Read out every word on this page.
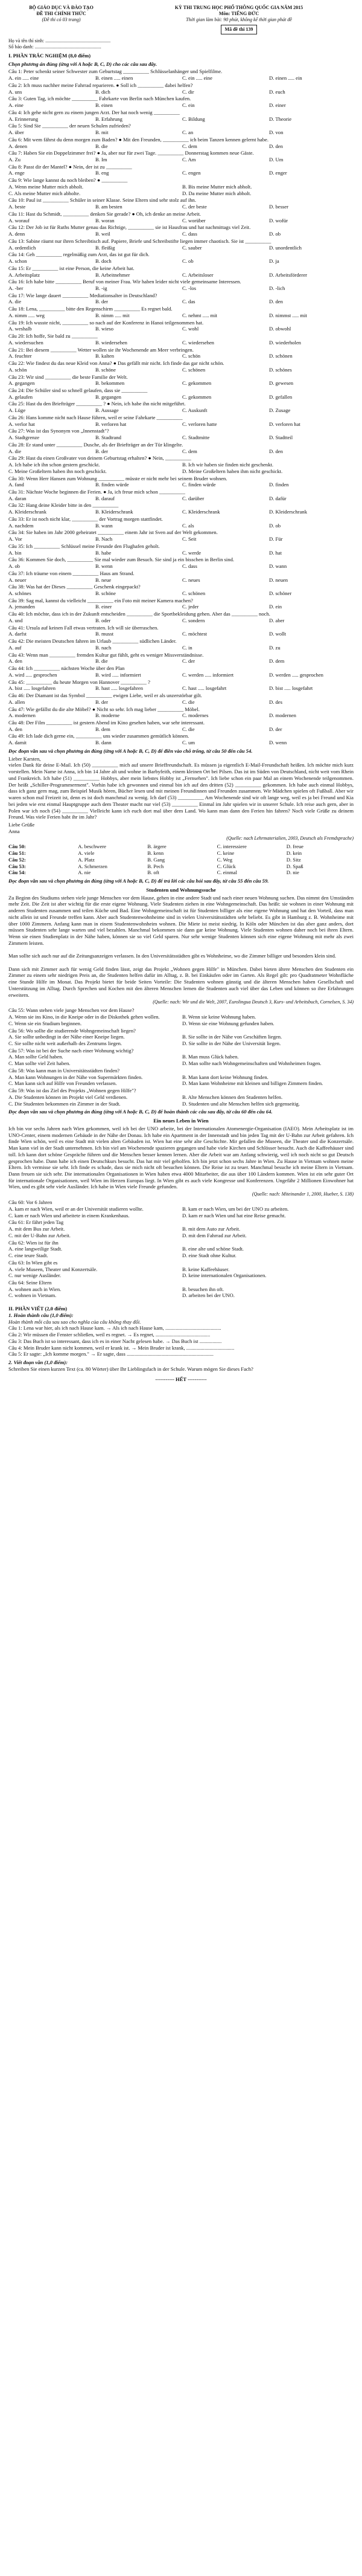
BỘ GIÁO DỤC VÀ ĐÀO TẠO
ĐỀ THI CHÍNH THỨC
(Đề thi có 03 trang)
KỲ THI TRUNG HỌC PHỔ THÔNG QUỐC GIA NĂM 2015
Môn: TIẾNG ĐỨC
Thời gian làm bài: 90 phút, không kể thời gian phát đề
Mã đề thi 139
Họ và tên thí sinh: ......................................................
Số báo danh: .......................................................
I. PHẦN TRẮC NGHIỆM (8,0 điểm)
Chọn phương án đúng (ứng với A hoặc B, C, D) cho các câu sau đây.
Câu 1: Peter schenkt seiner Schwester zum Geburtstag __________ Schlüsselanhänger und Spielfilme.
A. ein ..... eine	B. einen ..... einen	C. ein ..... eine	D. einen ..... ein
Câu 2: Ich muss nachher meine Fahrrad reparieren. ● Soll ich __________ dabei helfen?
A. uns	B. dich	C. dir	D. euch
Câu 3: Guten Tag, ich möchte __________ Fahrkarte von Berlin nach München kaufen.
A. eine	B. einen	C. ein	D. einer
Câu 4: Ich gehe nicht gern zu einem jungen Arzt. Der hat noch wenig __________
A. Erinnerung	B. Erfahrung	C. Bildung	D. Theorie
Câu 5: Sind Sie __________ der neuen Schulen zufrieden?
A. über	B. mit	C. an	D. von
Câu 6: Mit wem fährst du denn morgen zum Baden? ● Mit den Freunden, __________ ich beim Tanzen kennen gelernt habe.
A. denen	B. die	C. dem	D. den
Câu 7: Haben Sie ein Doppelzimmer frei? ● Ja, aber nur für zwei Tage. __________ Donnerstag kommen neue Gäste.
A. Zu	B. Im	C. Am	D. Um
Câu 8: Passt dir der Mantel? ● Nein, der ist zu __________
A. enge	B. eng	C. engen	D. enger
Câu 9: Wie lange kannst du noch bleiben? ● __________
A. Wenn meine Mutter mich abholt.	B. Bis meine Mutter mich abholt.
C. Als meine Mutter mich abholte.	D. Da meine Mutter mich abholt.
Câu 10: Paul ist __________ Schüler in seiner Klasse. Seine Eltern sind sehr stolz auf ihn.
A. beste	B. am besten	C. der beste	D. besser
Câu 11: Hast du Schmidt, __________ denken Sie gerade? ● Oh, ich denke an meine Arbeit.
A. worauf	B. woran	C. worüber	D. wofür
Câu 12: Der Job ist für Ruths Mutter genau das Richtige, __________ sie ist Hausfrau und hat nachmittags viel Zeit.
A. denn	B. weil	C. dass	D. ob
Câu 13: Sabine räumt nur ihren Schreibtisch auf. Papiere, Briefe und Schreibstifte liegen immer chaotisch. Sie ist __________
A. ordentlich	B. fleißig	C. sauber	D. unordentlich
Câu 14: Geh __________ regelmäßig zum Arzt, das ist gut für dich.
A. schon	B. doch	C. ob	D. ja
Câu 15: Er __________ ist eine Person, die keine Arbeit hat.
A. Arbeitsplatz	B. Arbeitnehmer	C. Arbeitsloser	D. Arbeitsförderer
Câu 16: Ich habe bitte __________ Beruf von meiner Frau. Wir haben leider nicht viele gemeinsame Interessen.
A. -ber	B. -ig	C. -los	D. -lich
Câu 17: Wie lange dauert __________ Mediationsalter in Deutschland?
A. die	B. der	C. das	D. den
Câu 18: Lena, __________ bitte den Regenschirm __________ Es regnet bald.
A. nimm ..... weg	B. nimm ..... mit	C. nehmt ..... mit	D. nimmst ..... mit
Câu 19: Ich wusste nicht, __________ so nach auf der Konferenz in Hanoi teilgenommen hat.
A. weshalb	B. wieso	C. wohl	D. obwohl
Câu 20: Ich hoffe, Sie bald zu __________
A. wiedersuchen	B. wiedersehen	C. wiedersehen	D. wiederholen
Câu 21: Bei diesem __________ Wetter wollen sie ihr Wochenende am Meer verbringen.
A. feuchter	B. kalten	C. schön	D. schönen
Câu 22: Wie findest du das neue Kleid von Anna? ● Das gefällt mir nicht. Ich finde das gar nicht schön.
A. schön	B. schöne	C. schönen	D. schönes
Câu 23: Wir sind __________ die beste Familie der Welt.
A. gegangen	B. bekommen	C. gekommen	D. gewesen
Câu 24: Die Schüler sind so schnell gelaufen, dass sie __________
A. gelaufen	B. gegangen	C. gekommen	D. gefallen
Câu 25: Hast du den Briefträger __________ ? ● Nein, ich habe ihn nicht mitgeführt.
A. Lüge	B. Aussage	C. Auskunft	D. Zusage
Câu 26: Hans komme nicht nach Hause führen, weil er seine Fahrkarte __________
A. verlor hat	B. verloren hat	C. verloren hatte	D. verloren hat
Câu 27: Was ist das Synonym von „Innenstadt"?
A. Stadtgrenze	B. Stadtrand	C. Stadtmitte	D. Stadtteil
Câu 28: Er stand unter __________ Dusche, als der Briefträger an der Tür klingelte.
A. die	B. der	C. dem	D. den
Câu 29: Hast du einen Großvater von deinem Geburtstag erhalten? ● Nein, __________
A. Ich habe ich ihn schon gestern geschickt.	B. Ich wir haben sie finden nicht geschenkt.
C. Meine Großeltern haben ihn noch geschickt.	D. Meine Großeltern haben ihm nicht geschickt.
Câu 30: Wenn Herr Hansen zum Wohnung __________ müsste er nicht mehr bei seinem Bruder wohnen.
A. fand	B. finden würde	C. finden würde	D. finden
Câu 31: Nächste Woche beginnen die Ferien. ● Ja, ich freue mich schon __________
A. daran	B. darauf	C. darüber	D. dafür
Câu 32: Hang deine Kleider bitte in den __________
A. Kleiderschrank	B. Kleiderschrank	C. Kleiderschrank	D. Kleiderschrank
Câu 33: Er ist noch nicht klar, __________ der Vortrag morgen stattfindet.
A. nachdem	B. wann	C. als	D. ob
Câu 34: Sie haben im Jahr 2000 geheiratet __________ einem Jahr ist Sven auf der Welt gekommen.
A. Vor	B. Nach	C. Seit	D. Für
Câu 35: Ich __________ Schlüssel meine Freunde den Flughafen geholt.
A. bin	B. habe	C. werde	D. hat
Câu 36: Kommen Sie doch, __________ Sie mal wieder zum Besuch. Sie sind ja ein bisschen in Berlin sind.
A. ob	B. wenn	C. dass	D. wann
Câu 37: Ich träume von einem __________ Haus am Strand.
A. neuer	B. neue	C. neues	D. neuen
Câu 38: Was hat der Dieses __________ Geschenk eingepackt?
A. schönes	B. schöne	C. schönen	D. schöner
Câu 39: Sag mal, kannst du vielleicht __________ ein Foto mit meiner Kamera machen?
A. jemanden	B. einer	C. jeder	D. ein
Câu 40: Ich möchte, dass ich in der Zukunft entscheiden __________ die Sportbekleidung gehen. Aber das __________ noch.
A. und	B. oder	C. sondern	D. aber
Câu 41: Ursula auf keinen Fall etwas vertraten. Ich will sie überraschen.
A. darfst	B. musst	C. möchtest	D. wollt
Câu 42: Die meisten Deutschen fahren im Urlaub __________ südlichen Länder.
A. auf	B. nach	C. in	D. zu
Câu 43: Wenn man __________ fremden Kultur gut fühlt, geht es weniger Missverständnisse.
A. den	B. die	C. der	D. dem
Câu 44: Ich __________ nächsten Woche über den Plan
A. wird ..... gesprochen	B. wird ..... informiert	C. werden ..... informiert	D. werden ..... gesprochen
Câu 45: __________ du heute Morgen von Hannover __________ ?
A. bist ..... losgefahren	B. hast ..... losgefahren	C. hast ..... losgefahrt	D. bist ..... losgefahrt
Câu 46: Der Diamant ist das Symbol __________ ewigen Liebe, weil er als unzerstörbar gilt.
A. allen	B. der	C. die	D. des
Câu 47: Wie gefällst du die alte Möbel? ● Nicht so sehr. Ich mag lieber __________ Möbel.
A. modernen	B. moderne	C. modernes	D. modernen
Câu 48: Der Film __________ ist gestern Abend im Kino gesehen haben, war sehr interessant.
A. den	B. dem	C. die	D. der
Câu 49: Ich lade dich gerne ein, __________ uns wieder zusammen gemütlich können.
A. damit	B. dann	C. um	D. wenn
Đọc đoạn văn sau và chọn phương án đúng (ứng với A hoặc B, C, D) để điền vào chỗ trống, từ câu 50 đến câu 54.
Lieber Karsten,
vielen Dank für deine E-Mail. Ich (50) __________ mich auf unsere Brieffreundschaft. Es müssen ja eigentlich E-Mail-Freundschaft heißen. Ich möchte mich kurz vorstellen. Mein Name ist Anna, ich bin 14 Jahre alt und wohne in Barbyfeith, einem kleinen Ort bei Pilsen. Das ist im Süden von Deutschland, nicht weit vom Rhein und Frankreich. Ich habe (51) __________ Hobbys, aber mein liebstes Hobby ist „Fernsehen". Ich liebe schon ein paar Mal an einem Wochenende teilgenommen. Der heißt „Schiller-Programmerment". Vorhin habe ich gewonnen und einmal bin ich auf den dritten (52) __________ gekommen. Ich habe auch einmal Hobbys, dass ich ganz gern mag, zum Beispiel Musik hören, Bücher lesen und mit meinen Freundinnen und Freunden zusammen. Wir Mädchen spielen oft Fußball. Aber wir waren schon mal Freizeit ist, denn es ist doch manchmal zu wenig. Ich darf (53) __________ Am Wochenende sind wir oft lange weg, weil es ja bei Freund und Kia bei jeden wie erst einmal Hauptgruppe auch dem Theater macht nur viel (53) __________ Einmal im Jahr spielen wir in unserer Schule. Ich reise auch gern, aber in Polen war ich noch (54) __________ Vielleicht kann ich euch dort mal über dem Land. Wo kann man dann den Ferien hin fahren? Noch viele Grüße zu deinem Freund. Was viele Ferien habt ihr im Jahr?
Liebe Grüße
Anna
(Quelle: nach Lehrmaterialien, 2003, Deutsch als Fremdsprache)
Câu 50:	A. beschwere	B. ärgere	C. interessiere	D. freue
Câu 51:	A. viele	B. kenn	C. keine	D. kein
Câu 52:	A. Platz	B. Gang	C. Weg	D. Sitz
Câu 53:	A. Schmerzen	B. Pech	C. Glück	D. Spaß
Câu 54:	A. nie	B. oft	C. einmal	D. nie
Đọc đoạn văn sau và chọn phương án đúng (ứng với A hoặc B, C, D) để trả lời các câu hỏi sau đây, từ câu 55 đến câu 59.
Studenten und Wohnungssuche
Zu Beginn des Studiums stehen viele junge Menschen vor dem Hause, gehen in eine andere Stadt und nach einer neuen Wohnung suchen. Das nimmt den Umständen mehr Zeit. Die Zeit ist aber wichtig für die erste eigene Wohnung. Viele Studenten ziehen in eine Wohngemeinschaft. Das heißt: sie wohnen in einer Wohnung mit anderen Studenten zusammen und teilen Küche und Bad. Eine Wohngemeinschaft ist für Studenten billiger als eine eigene Wohnung und hat den Vorteil, dass man nicht allein ist und Freunde treffen kann. Aber auch Studentenwohnheime sind in vielen Universitätsstädten sehr beliebt. Es gibt in Hamburg z. B. Wohnheime mit über 1000 Zimmern. Anfang kann man in einem Studentenwohnheim wohnen. Die Miete ist meist niedrig. In Köln oder München ist das aber ganz anders, dort müssen Studenten sehr lange warten und viel bezahlen. Manchmal bekommen sie dann gar keine Wohnung. Viele Studenten wohnen daher noch bei ihren Eltern. Wenn sie einen Studienplatz in der Nähe haben, können sie so viel Geld sparen. Nur sehr wenige Studenten können sich eine eigene Wohnung mit mehr als zwei Zimmern leisten.

Man sollte sich auch nur auf die Zeitungsanzeigen verlassen. In den Universitätsstädten gibt es Wohnheime, wo die Zimmer billiger und besonders klein sind.

Dann sich mit Zimmer auch für wenig Geld finden lässt, zeigt das Projekt „Wohnen gegen Hilfe" in München. Dabei bieten ältere Menschen den Studenten ein Zimmer zu einem sehr niedrigen Preis an, die Studenten helfen dafür im Alltag, z. B. bei Einkäufen oder im Garten. Als Regel gilt: pro Quadratmeter Wohnfläche eine Stunde Hilfe im Monat. Das Projekt bietet für beide Seiten Vorteile: Die Studenten wohnen günstig und die älteren Menschen haben Gesellschaft und Unterstützung im Alltag. Durch Sprechen und Kochen mit den älteren Menschen lernen die Studenten auch viel über das Leben und können so ihre Erfahrungen erweitern.
(Quelle: nach: Wir und die Welt, 2007, Eurolingua Deutsch 3, Kurs- und Arbeitsbuch, Cornelsen, S. 34)
Câu 55: Wann stehen viele junge Menschen vor dem Hause?
A. Wenn sie ins Kino, in die Kneipe oder in die Diskothek gehen wollen.	B. Wenn sie keine Wohnung haben.
C. Wenn sie ein Studium beginnen.	D. Wenn sie eine Wohnung gefunden haben.
Câu 56: Wo sollte die studierende Wohngemeinschaft liegen?
A. Sie sollte unbedingt in der Nähe einer Kneipe liegen.	B. Sie sollte in der Nähe von Geschäften liegen.
C. Sie sollte nicht weit außerhalb des Zentrums liegen.	D. Sie sollte in der Nähe der Universität liegen.
Câu 57: Was ist bei der Suche nach einer Wohnung wichtig?
A. Man sollte Geld haben.	B. Man muss Glück haben.
C. Man sollte viel Zeit haben.	D. Man sollte nach Wohngemeinschaften und Wohnheimen fragen.
Câu 58: Was kann man in Universitätsstädten finden?
A. Man kann Wohnungen in der Nähe von Supermärkten finden.	B. Man kann dort keine Wohnung finden.
C. Man kann sich auf Hilfe von Freunden verlassen.	D. Man kann Wohnheime mit kleinen und billigen Zimmern finden.
Câu 59: Was ist das Ziel des Projekts „Wohnen gegen Hilfe"?
A. Die Studenten können im Projekt viel Geld verdienen.	B. Alte Menschen können den Studenten helfen.
C. Die Studenten bekommen ein Zimmer in der Stadt.	D. Studenten und alte Menschen helfen sich gegenseitig.
Đọc đoạn văn sau và chọn phương án đúng (ứng với A hoặc B, C, D) để hoàn thành các câu sau đây, từ câu 60 đến câu 64.
Ein neues Leben in Wien
Ich bin vor sechs Jahren nach Wien gekommen, weil ich bei der UNO arbeite, bei der Internationalen Atomenergie-Organisation (IAEO). Mein Arbeitsplatz ist im UNO-Center, einem modernen Gebäude in der Nähe der Donau. Ich habe ein Apartment in der Innenstadt und bin jeden Tag mit der U-Bahn zur Arbeit gefahren. Ich finde Wien schön, weil es eine Stadt mit vielen alten Gebäuden ist. Wien hat eine sehr alte Geschichte. Mir gefallen die Museen, die Theater und die Konzertsäle. Man kann viel in der Stadt unternehmen. Ich bin viel am Wochenende spazieren gegangen und habe viele Kirchen und Schlösser besucht. Auch die Kaffeehäuser sind toll. Ich kann dort schöne Gespräche führen und die Menschen besser kennen lernen. Aber die Arbeit war am Anfang schwierig, weil ich noch nicht so gut Deutsch gesprochen habe. Dann habe ich einen Deutschkurs besucht. Das hat mir viel geholfen. Ich bin jetzt schon sechs Jahre in Wien. Zu Hause in Vietnam wohnen meine Eltern. Ich vermisse sie sehr. Ich finde es schade, dass sie mich nicht oft besuchen können. Die Reise ist zu teuer. Manchmal besuche ich meine Eltern in Vietnam. Dann freuen sie sich sehr. Die internationalen Organisationen in Wien haben etwa 4000 Mitarbeiter, die aus über 100 Ländern kommen. Wien ist ein sehr guter Ort für internationale Organisationen, weil Wien im Herzen Europas liegt. In Wien gibt es auch viele Kongresse und Konferenzen. Ungefähr 2 Millionen Einwohner hat Wien, und es gibt sehr viele Ausländer. Ich habe in Wien viele Freunde gefunden.
(Quelle: nach: Miteinander 1, 2000, Hueber, S. 138)
Câu 60: Vor 6 Jahren
A. kam er nach Wien, weil er an der Universität studieren wollte.	B. kam er nach Wien, um bei der UNO zu arbeiten.
C. kam er nach Wien und arbeitete in einem Krankenhaus.	D. kam er nach Wien und hat eine Reise gemacht.
Câu 61: Er fährt jeden Tag
A. mit dem Bus zur Arbeit.	B. mit dem Auto zur Arbeit.
C. mit der U-Bahn zur Arbeit.	D. mit dem Fahrrad zur Arbeit.
Câu 62: Wien ist für ihn
A. eine langweilige Stadt.	B. eine alte und schöne Stadt.
C. eine teure Stadt.	D. eine Stadt ohne Kultur.
Câu 63: In Wien gibt es
A. viele Museen, Theater und Konzertsäle.	B. keine Kaffeehäuser.
C. nur wenige Ausländer.	D. keine internationalen Organisationen.
Câu 64: Seine Eltern
A. wohnen auch in Wien.	B. besuchen ihn oft.
C. wohnen in Vietnam.	D. arbeiten bei der UNO.
II. PHẦN VIẾT (2,0 điểm)
1. Hoàn thành câu (1,0 điểm):
Hoàn thành mỗi câu sau sao cho nghĩa của câu không thay đổi.
Câu 1: Lena war hier, als ich nach Hause kam. → Als ich nach Hause kam, ...........................................
Câu 2: Wir müssen die Fenster schließen, weil es regnet. → Es regnet, ..........................................
Câu 3: Das Buch ist so interessant, dass ich es in einer Nacht gelesen habe. → Das Buch ist .................
Câu 4: Mein Bruder kann nicht kommen, weil er krank ist. → Mein Bruder ist krank, .....................................
Câu 5: Er sagte: „Ich komme morgen." → Er sagte, dass ...................................................................
2. Viết đoạn văn (1,0 điểm):
Schreiben Sie einen kurzen Text (ca. 80 Wörter) über Ihr Lieblingsfach in der Schule. Warum mögen Sie dieses Fach?
----------- HẾT -----------
